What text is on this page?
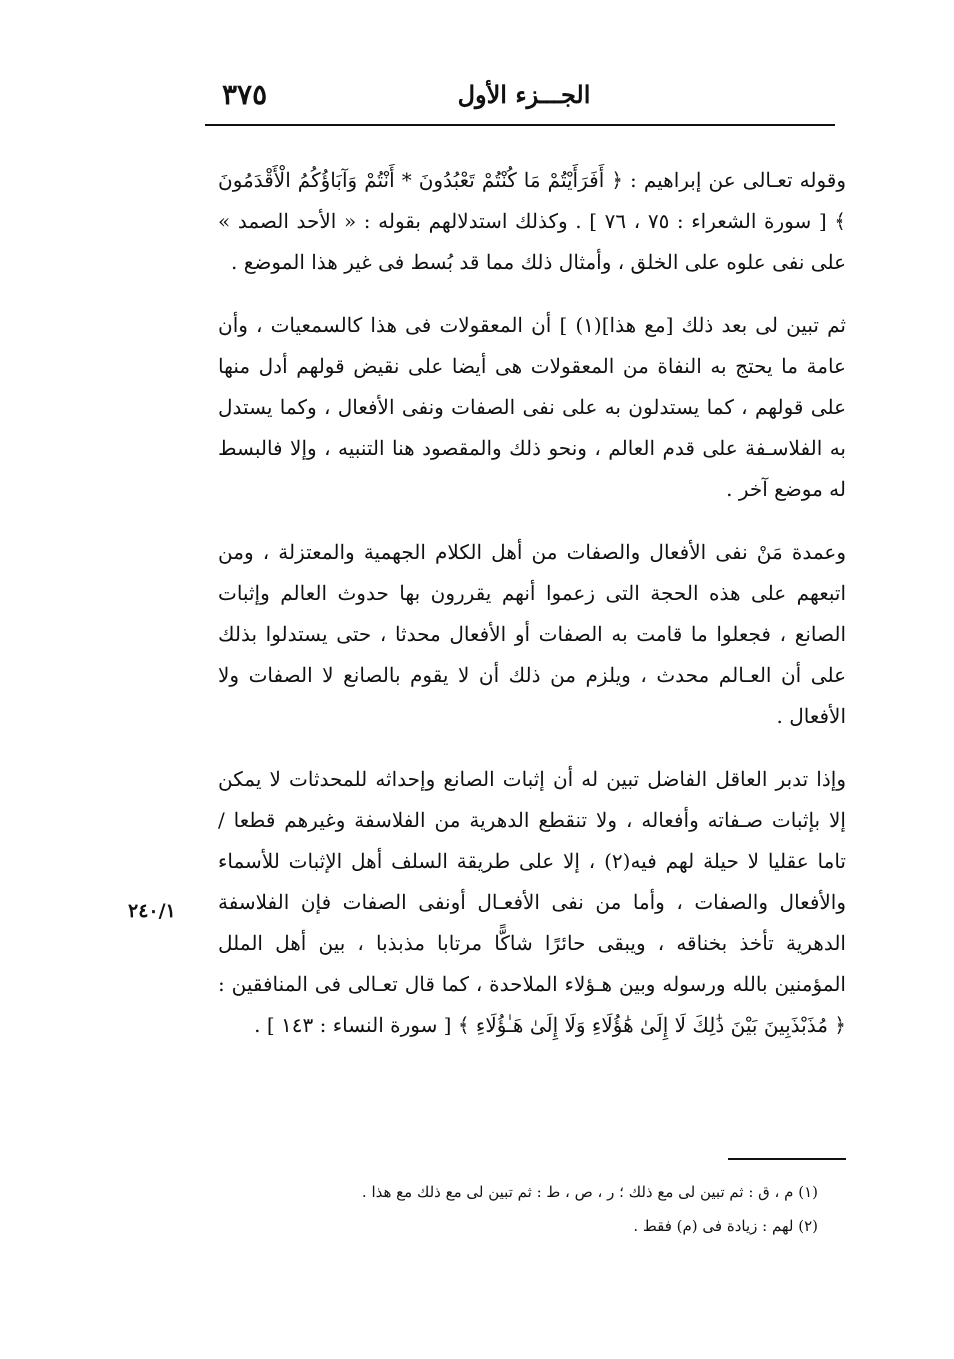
٣٧٥	الجـــزء الأول

وقوله تعـالى عن إبراهيم : ﴿ أَفَرَأَيْتُمْ مَا كُنْتُمْ تَعْبُدُونَ * أَنْتُمْ وَآبَاؤُكُمُ الْأَقْدَمُونَ ﴾ [ سورة الشعراء : ٧٥ ، ٧٦ ] . وكذلك استدلالهم بقوله : « الأحد الصمد » على نفى علوه على الخلق ، وأمثال ذلك مما قد بُسط فى غير هذا الموضع .

ثم تبين لى بعد ذلك [مع هذا](١) ] أن المعقولات فى هذا كالسمعيات ، وأن عامة ما يحتج به النفاة من المعقولات هى أيضا على نقيض قولهم أدل منها على قولهم ، كما يستدلون به على نفى الصفات ونفى الأفعال ، وكما يستدل به الفلاسـفة على قدم العالم ، ونحو ذلك والمقصود هنا التنبيه ، وإلا فالبسط له موضع آخر .

وعمدة مَنْ نفى الأفعال والصفات من أهل الكلام الجهمية والمعتزلة ، ومن اتبعهم على هذه الحجة التى زعموا أنهم يقررون بها حدوث العالم وإثبات الصانع ، فجعلوا ما قامت به الصفات أو الأفعال محدثا ، حتى يستدلوا بذلك على أن العـالم محدث ، ويلزم من ذلك أن لا يقوم بالصانع لا الصفات ولا الأفعال .

وإذا تدبر العاقل الفاضل تبين له أن إثبات الصانع وإحداثه للمحدثات لا يمكن إلا بإثبات صـفاته وأفعاله ، ولا تنقطع الدهرية من الفلاسفة وغيرهم قطعا / تاما عقليا لا حيلة لهم فيه(٢) ، إلا على طريقة السلف أهل الإثبات للأسماء والأفعال والصفات ، وأما من نفى الأفعـال أونفى الصفات فإن الفلاسفة الدهرية تأخذ بخناقه ، ويبقى حائرًا شاكًّا مرتابا مذبذبا ، بين أهل الملل المؤمنين بالله ورسوله وبين هـؤلاء الملاحدة ، كما قال تعـالى فى المنافقين : ﴿ مُذَبْذَبِينَ بَيْنَ ذَٰلِكَ لَا إِلَىٰ هَٰؤُلَاءِ وَلَا إِلَىٰ هَـٰؤُلَاءِ ﴾ [ سورة النساء : ١٤٣ ] .

٢٤٠/١

(١) م ، ق : ثم تبين لى مع ذلك ؛ ر ، ص ، ط : ثم تبين لى مع ذلك مع هذا .

(٢) لهم : زيادة فى (م) فقط .
